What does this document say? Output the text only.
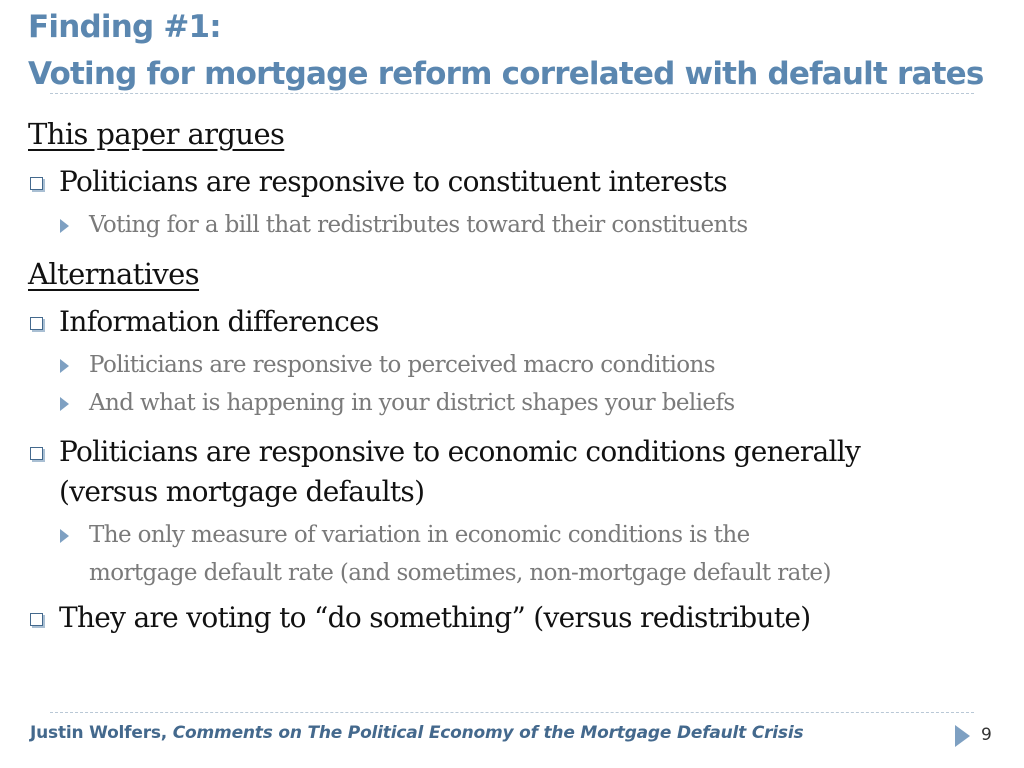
Finding #1:
Voting for mortgage reform correlated with default rates
This paper argues
Politicians are responsive to constituent interests
Voting for a bill that redistributes toward their constituents
Alternatives
Information differences
Politicians are responsive to perceived macro conditions
And what is happening in your district shapes your beliefs
Politicians are responsive to economic conditions generally
(versus mortgage defaults)
The only measure of variation in economic conditions is the
mortgage default rate (and sometimes, non-mortgage default rate)
They are voting to “do something” (versus redistribute)
Justin Wolfers, Comments on The Political Economy of the Mortgage Default Crisis	9
